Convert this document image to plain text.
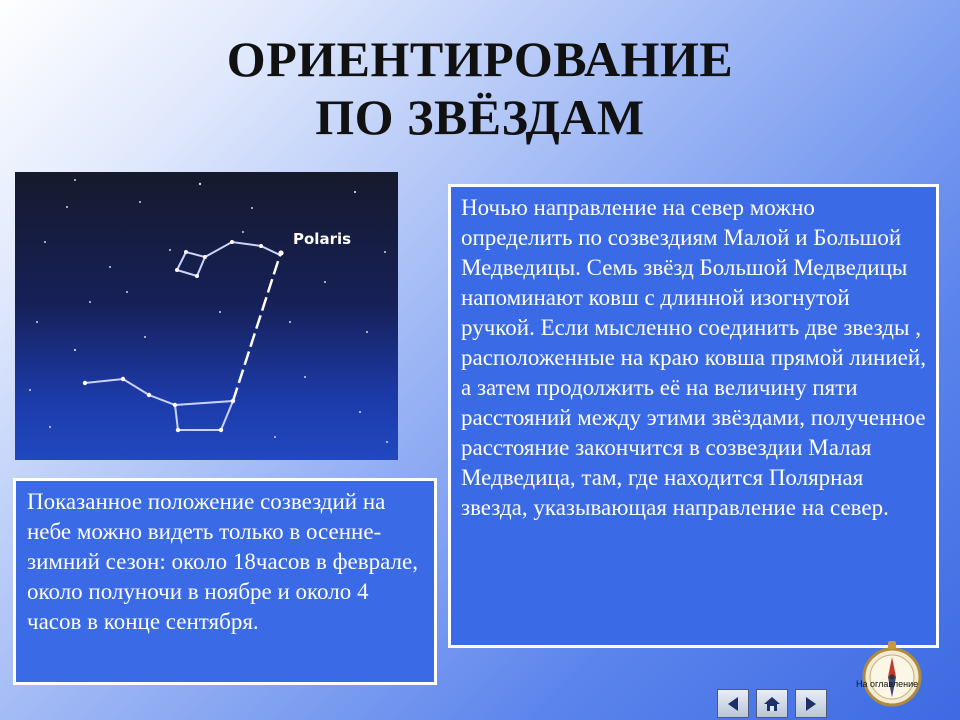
ОРИЕНТИРОВАНИЕ
ПО ЗВЁЗДАМ
Polaris
Показанное положение созвездий на небе можно видеть только в осенне-зимний сезон: около 18часов в феврале, около полуночи в ноябре и около 4 часов в конце сентября.
Ночью направление на север можно определить по созвездиям Малой и Большой Медведицы. Семь звёзд Большой Медведицы напоминают ковш с длинной изогнутой ручкой. Если мысленно соединить две звезды , расположенные на краю ковша прямой линией, а затем продолжить её на величину пяти расстояний между этими звёздами, полученное расстояние закончится в созвездии Малая Медведица, там, где находится Полярная звезда, указывающая направление на север.
На оглавление
